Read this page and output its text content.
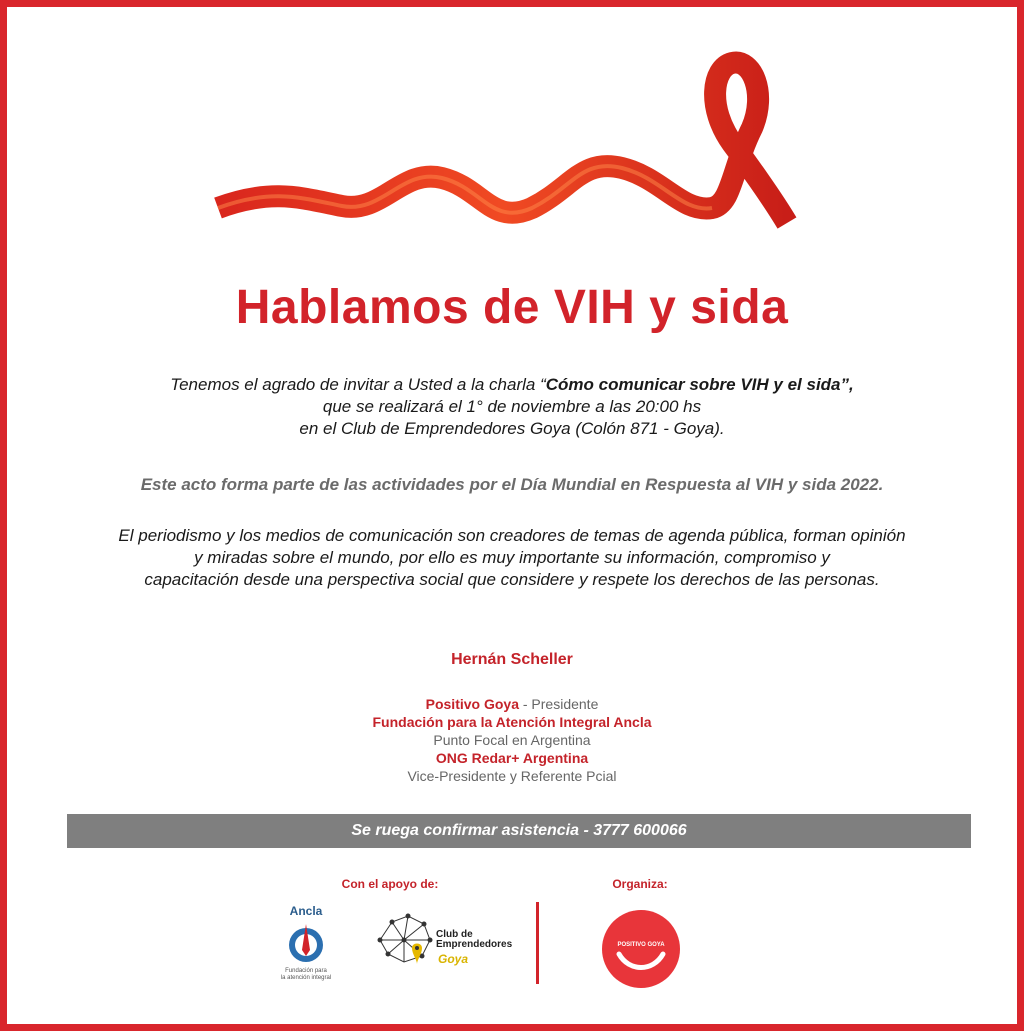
Hablamos de VIH y sida
Tenemos el agrado de invitar a Usted a la charla “Cómo comunicar sobre VIH y el sida”,
que se realizará el 1° de noviembre a las 20:00 hs
en el Club de Emprendedores Goya (Colón 871 - Goya).
Este acto forma parte de las actividades por el Día Mundial en Respuesta al VIH y sida 2022.
El periodismo y los medios de comunicación son creadores de temas de agenda pública, forman opinión
y miradas sobre el mundo, por ello es muy importante su información, compromiso y
capacitación desde una perspectiva social que considere y respete los derechos de las personas.
Hernán Scheller
Positivo Goya - Presidente
Fundación para la Atención Integral Ancla
Punto Focal en Argentina
ONG Redar+ Argentina
Vice-Presidente y Referente Pcial
Se ruega confirmar asistencia - 3777 600066
Con el apoyo de:	Organiza:
Ancla
Fundación para
la atención integral
Club de
Emprendedores
Goya
POSITIVO GOYA
